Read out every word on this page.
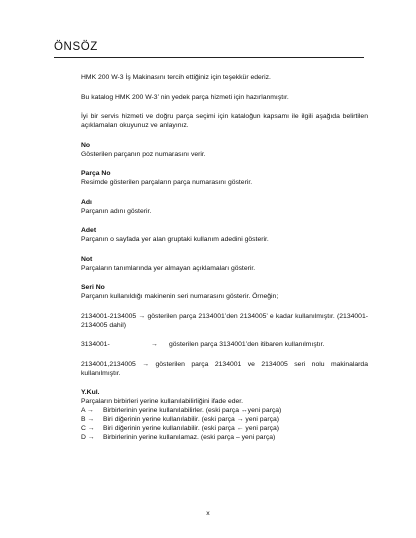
ÖNSÖZ

HMK 200 W-3 İş Makinasını tercih ettiğiniz için teşekkür ederiz.

Bu katalog HMK 200 W-3’ nin yedek parça hizmeti için hazırlanmıştır.

İyi bir servis hizmeti ve doğru parça seçimi için kataloğun kapsamı ile ilgili aşağıda belirtilen açıklamaları okuyunuz ve anlayınız.

No
Gösterilen parçanın poz numarasını verir.
Parça No
Resimde gösterilen parçaların parça numarasını gösterir.
Adı
Parçanın adını gösterir.
Adet
Parçanın o sayfada yer alan gruptaki kullanım adedini gösterir.
Not
Parçaların tanımlarında yer almayan açıklamaları gösterir.
Seri No
Parçanın kullanıldığı makinenin seri numarasını gösterir. Örneğin;

2134001-2134005 → gösterilen parça 2134001’den 2134005’ e kadar kullanılmıştır. (2134001-2134005 dahil)

3134001-	→	gösterilen parça 3134001’den itibaren kullanılmıştır.

2134001,2134005 → gösterilen parça 2134001 ve 2134005 seri nolu makinalarda kullanılmıştır.

Y.Kul.
Parçaların birbirleri yerine kullanılabilirliğini ifade eder.
A → Birbirlerinin yerine kullanılabilirler. (eski parça ↔yeni parça)
B → Biri diğerinin yerine kullanılabilir. (eski parça → yeni parça)
C → Biri diğerinin yerine kullanılabilir. (eski parça ← yeni parça)
D → Birbirlerinin yerine kullanılamaz. (eski parça – yeni parça)
x
